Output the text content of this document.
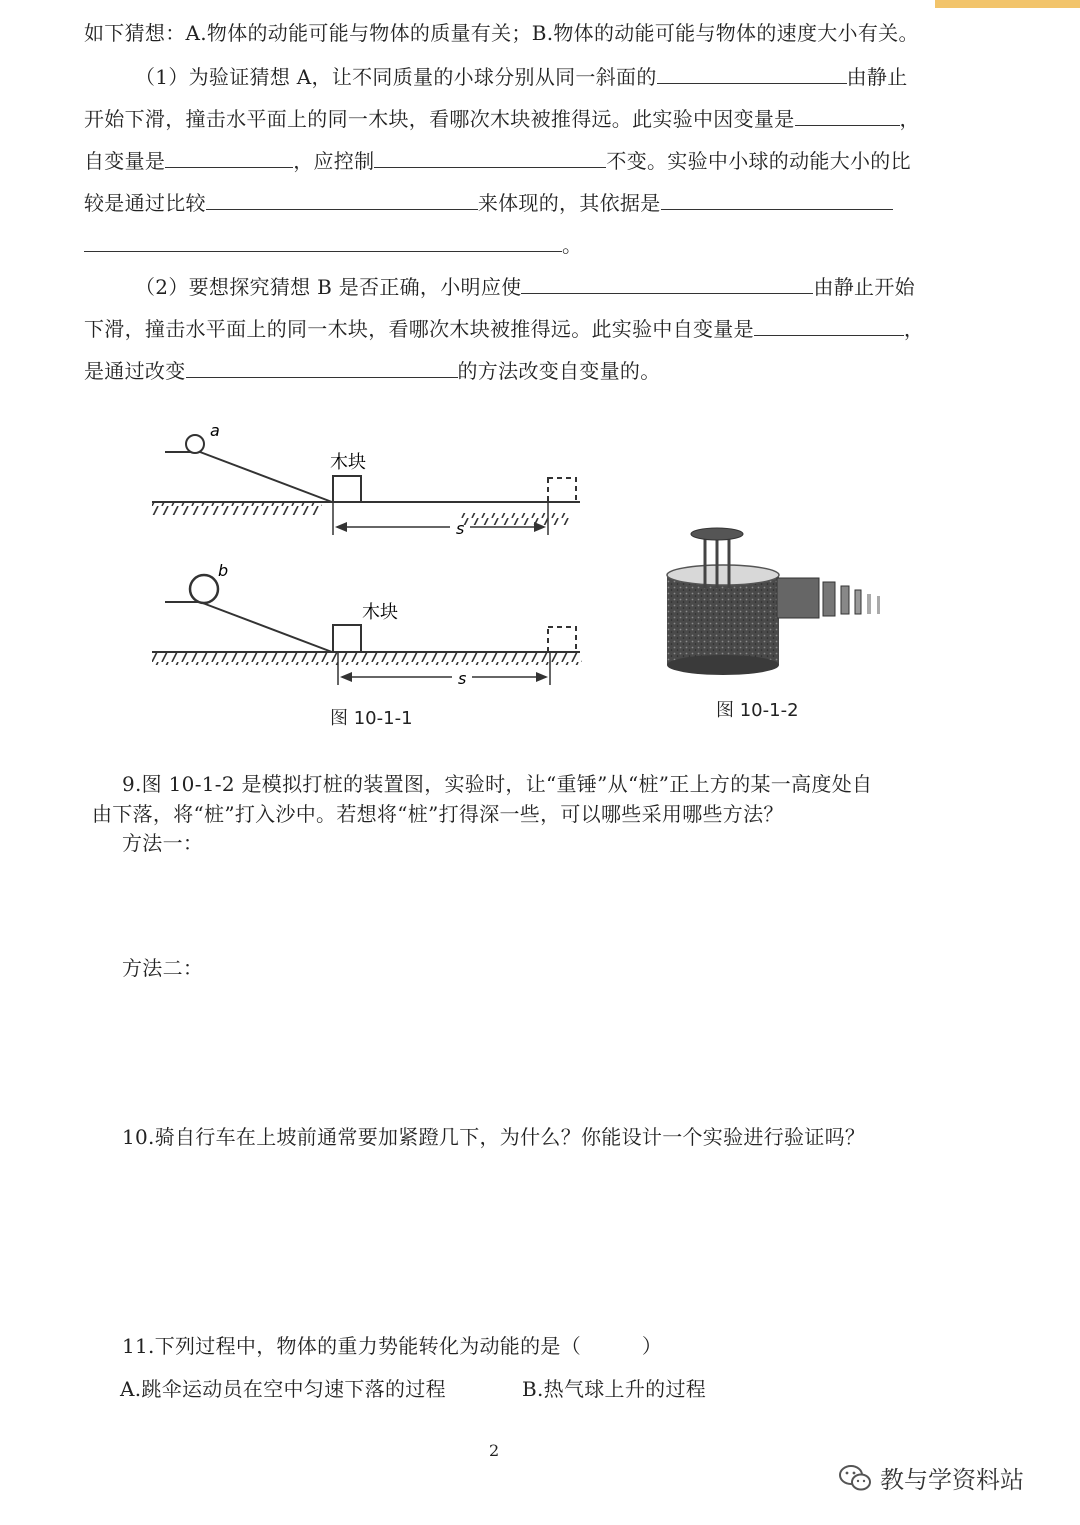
如下猜想：A.物体的动能可能与物体的质量有关；B.物体的动能可能与物体的速度大小有关。
（1）为验证猜想 A，让不同质量的小球分别从同一斜面的	由静止
开始下滑，撞击水平面上的同一木块，看哪次木块被推得远。此实验中因变量是	，
自变量是	，应控制	不变。实验中小球的动能大小的比
较是通过比较	来体现的，其依据是
。
（2）要想探究猜想 B 是否正确，小明应使	由静止开始
下滑，撞击水平面上的同一木块，看哪次木块被推得远。此实验中自变量是	，
是通过改变	的方法改变自变量的。
a
木块
s
b
木块
s
图 10-1-1	图 10-1-2
9.图 10-1-2 是模拟打桩的装置图，实验时，让“重锤”从“桩”正上方的某一高度处自
由下落，将“桩”打入沙中。若想将“桩”打得深一些，可以哪些采用哪些方法？
方法一：
方法二：
10.骑自行车在上坡前通常要加紧蹬几下，为什么？你能设计一个实验进行验证吗？
11.下列过程中，物体的重力势能转化为动能的是（　　　）
A.跳伞运动员在空中匀速下落的过程	B.热气球上升的过程
2
教与学资料站
